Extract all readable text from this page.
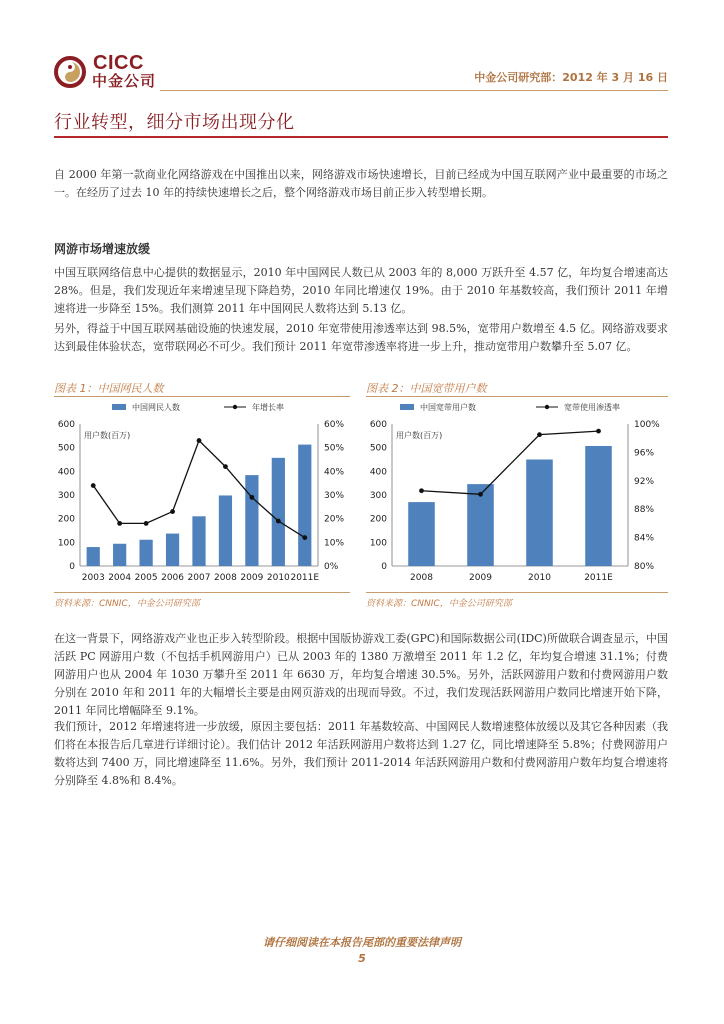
CICC
中金公司	中金公司研究部：2012 年 3 月 16 日
行业转型，细分市场出现分化

自 2000 年第一款商业化网络游戏在中国推出以来，网络游戏市场快速增长，目前已经成为中国互联网产业中最重要的市场之一。在经历了过去 10 年的持续快速增长之后，整个网络游戏市场目前正步入转型增长期。

网游市场增速放缓

中国互联网络信息中心提供的数据显示，2010 年中国网民人数已从 2003 年的 8,000 万跃升至 4.57 亿，年均复合增速高达 28%。但是，我们发现近年来增速呈现下降趋势，2010 年同比增速仅 19%。由于 2010 年基数较高，我们预计 2011 年增速将进一步降至 15%。我们测算 2011 年中国网民人数将达到 5.13 亿。

另外，得益于中国互联网基础设施的快速发展，2010 年宽带使用渗透率达到 98.5%，宽带用户数增至 4.5 亿。网络游戏要求达到最佳体验状态，宽带联网必不可少。我们预计 2011 年宽带渗透率将进一步上升，推动宽带用户数攀升至 5.07 亿。

图表 1：中国网民人数	图表 2：中国宽带用户数
中国网民人数	年增长率
用户数(百万)
0
100
200
300
400
500
600
0%
10%
20%
30%
40%
50%
60%
2003 2004 2005 2006 2007 2008 2009 2010 2011E
中国宽带用户数	宽带使用渗透率
用户数(百万)
0
100
200
300
400
500
600
80%
84%
88%
92%
96%
100%
2008	2009	2010	2011E
资料来源：CNNIC，中金公司研究部	资料来源：CNNIC，中金公司研究部

在这一背景下，网络游戏产业也正步入转型阶段。根据中国版协游戏工委(GPC)和国际数据公司(IDC)所做联合调查显示，中国活跃 PC 网游用户数（不包括手机网游用户）已从 2003 年的 1380 万激增至 2011 年 1.2 亿，年均复合增速 31.1%；付费网游用户也从 2004 年 1030 万攀升至 2011 年 6630 万，年均复合增速 30.5%。另外，活跃网游用户数和付费网游用户数分别在 2010 年和 2011 年的大幅增长主要是由网页游戏的出现而导致。不过，我们发现活跃网游用户数同比增速开始下降，2011 年同比增幅降至 9.1%。

我们预计，2012 年增速将进一步放缓，原因主要包括：2011 年基数较高、中国网民人数增速整体放缓以及其它各种因素（我们将在本报告后几章进行详细讨论）。我们估计 2012 年活跃网游用户数将达到 1.27 亿，同比增速降至 5.8%；付费网游用户数将达到 7400 万，同比增速降至 11.6%。另外，我们预计 2011-2014 年活跃网游用户数和付费网游用户数年均复合增速将分别降至 4.8%和 8.4%。

请仔细阅读在本报告尾部的重要法律声明
5
